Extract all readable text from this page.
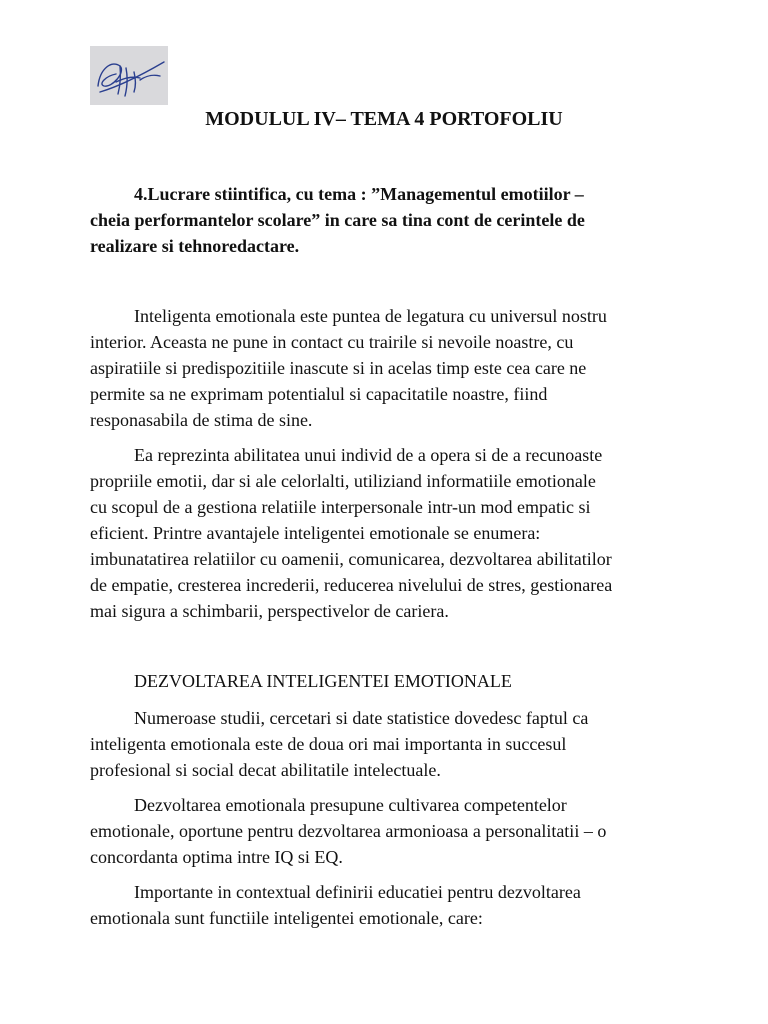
MODULUL IV– TEMA 4 PORTOFOLIU
4.Lucrare stiintifica, cu tema : ”Managementul emotiilor –
cheia performantelor scolare” in care sa tina cont de cerintele de
realizare si tehnoredactare.
Inteligenta emotionala este puntea de legatura cu universul nostru
interior. Aceasta ne pune in contact cu trairile si nevoile noastre, cu
aspiratiile si predispozitiile inascute si in acelas timp este cea care ne
permite sa ne exprimam potentialul si capacitatile noastre, fiind
responasabila de stima de sine.
Ea reprezinta abilitatea unui individ de a opera si de a recunoaste
propriile emotii, dar si ale celorlalti, utiliziand informatiile emotionale
cu scopul de a gestiona relatiile interpersonale intr-un mod empatic si
eficient. Printre avantajele inteligentei emotionale se enumera:
imbunatatirea relatiilor cu oamenii, comunicarea, dezvoltarea abilitatilor
de empatie, cresterea increderii, reducerea nivelului de stres, gestionarea
mai sigura a schimbarii, perspectivelor de cariera.
DEZVOLTAREA INTELIGENTEI EMOTIONALE
Numeroase studii, cercetari si date statistice dovedesc faptul ca
inteligenta emotionala este de doua ori mai importanta in succesul
profesional si social decat abilitatile intelectuale.
Dezvoltarea emotionala presupune cultivarea competentelor
emotionale, oportune pentru dezvoltarea armonioasa a personalitatii – o
concordanta optima intre IQ si EQ.
Importante in contextual definirii educatiei pentru dezvoltarea
emotionala sunt functiile inteligentei emotionale, care:
